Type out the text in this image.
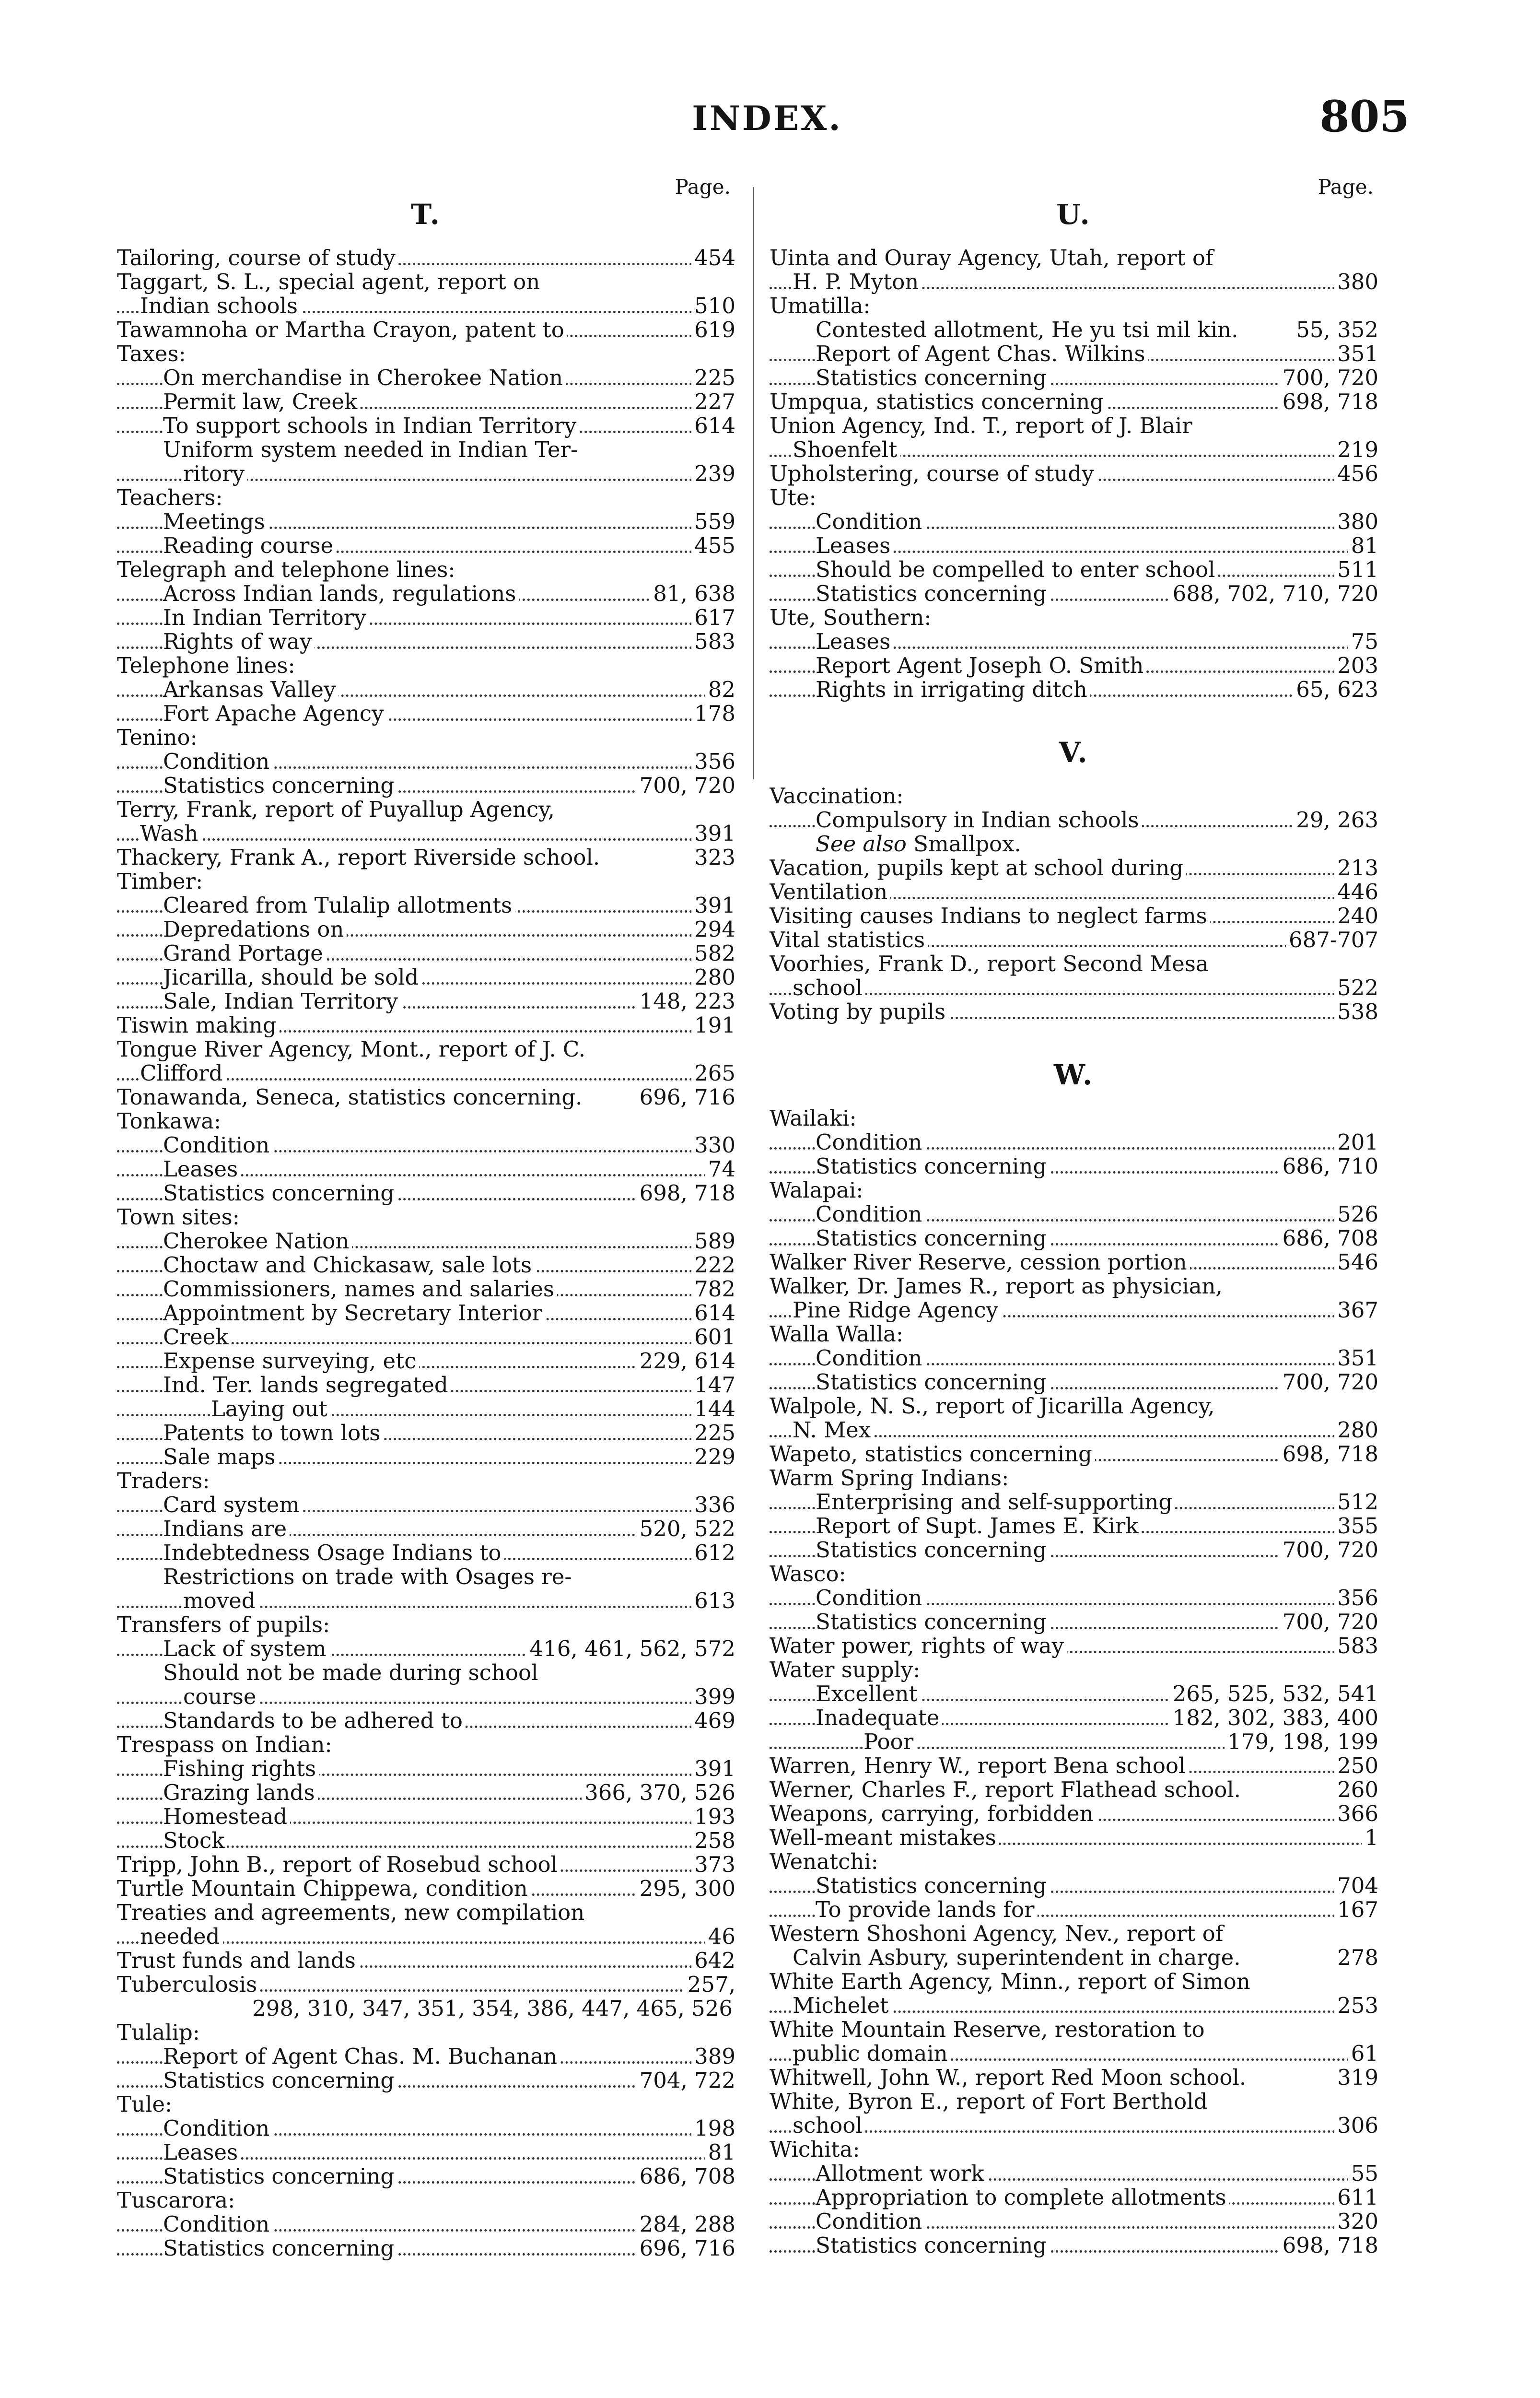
INDEX.	805
Page.
T.
Tailoring, course of study	454
Taggart, S. L., special agent, report on
Indian schools	510
Tawamnoha or Martha Crayon, patent to	619
Taxes:
On merchandise in Cherokee Nation	225
Permit law, Creek	227
To support schools in Indian Territory	614
Uniform system needed in Indian Ter-
ritory	239
Teachers:
Meetings	559
Reading course	455
Telegraph and telephone lines:
Across Indian lands, regulations	81, 638
In Indian Territory	617
Rights of way	583
Telephone lines:
Arkansas Valley	82
Fort Apache Agency	178
Tenino:
Condition	356
Statistics concerning	700, 720
Terry, Frank, report of Puyallup Agency,
Wash	391
Thackery, Frank A., report Riverside school.	323
Timber:
Cleared from Tulalip allotments	391
Depredations on	294
Grand Portage	582
Jicarilla, should be sold	280
Sale, Indian Territory	148, 223
Tiswin making	191
Tongue River Agency, Mont., report of J. C.
Clifford	265
Tonawanda, Seneca, statistics concerning.	696, 716
Tonkawa:
Condition	330
Leases	74
Statistics concerning	698, 718
Town sites:
Cherokee Nation	589
Choctaw and Chickasaw, sale lots	222
Commissioners, names and salaries	782
Appointment by Secretary Interior	614
Creek	601
Expense surveying, etc	229, 614
Ind. Ter. lands segregated	147
Laying out	144
Patents to town lots	225
Sale maps	229
Traders:
Card system	336
Indians are	520, 522
Indebtedness Osage Indians to	612
Restrictions on trade with Osages re-
moved	613
Transfers of pupils:
Lack of system	416, 461, 562, 572
Should not be made during school
course	399
Standards to be adhered to	469
Trespass on Indian:
Fishing rights	391
Grazing lands	366, 370, 526
Homestead	193
Stock	258
Tripp, John B., report of Rosebud school	373
Turtle Mountain Chippewa, condition	295, 300
Treaties and agreements, new compilation
needed	46
Trust funds and lands	642
Tuberculosis	257,
298, 310, 347, 351, 354, 386, 447, 465, 526
Tulalip:
Report of Agent Chas. M. Buchanan	389
Statistics concerning	704, 722
Tule:
Condition	198
Leases	81
Statistics concerning	686, 708
Tuscarora:
Condition	284, 288
Statistics concerning	696, 716
Page.
U.
Uinta and Ouray Agency, Utah, report of
H. P. Myton	380
Umatilla:
Contested allotment, He yu tsi mil kin.	55, 352
Report of Agent Chas. Wilkins	351
Statistics concerning	700, 720
Umpqua, statistics concerning	698, 718
Union Agency, Ind. T., report of J. Blair
Shoenfelt	219
Upholstering, course of study	456
Ute:
Condition	380
Leases	81
Should be compelled to enter school	511
Statistics concerning	688, 702, 710, 720
Ute, Southern:
Leases	75
Report Agent Joseph O. Smith	203
Rights in irrigating ditch	65, 623
V.
Vaccination:
Compulsory in Indian schools	29, 263
See also Smallpox.
Vacation, pupils kept at school during	213
Ventilation	446
Visiting causes Indians to neglect farms	240
Vital statistics	687-707
Voorhies, Frank D., report Second Mesa
school	522
Voting by pupils	538
W.
Wailaki:
Condition	201
Statistics concerning	686, 710
Walapai:
Condition	526
Statistics concerning	686, 708
Walker River Reserve, cession portion	546
Walker, Dr. James R., report as physician,
Pine Ridge Agency	367
Walla Walla:
Condition	351
Statistics concerning	700, 720
Walpole, N. S., report of Jicarilla Agency,
N. Mex	280
Wapeto, statistics concerning	698, 718
Warm Spring Indians:
Enterprising and self-supporting	512
Report of Supt. James E. Kirk	355
Statistics concerning	700, 720
Wasco:
Condition	356
Statistics concerning	700, 720
Water power, rights of way	583
Water supply:
Excellent	265, 525, 532, 541
Inadequate	182, 302, 383, 400
Poor	179, 198, 199
Warren, Henry W., report Bena school	250
Werner, Charles F., report Flathead school.	260
Weapons, carrying, forbidden	366
Well-meant mistakes	1
Wenatchi:
Statistics concerning	704
To provide lands for	167
Western Shoshoni Agency, Nev., report of
Calvin Asbury, superintendent in charge.	278
White Earth Agency, Minn., report of Simon
Michelet	253
White Mountain Reserve, restoration to
public domain	61
Whitwell, John W., report Red Moon school.	319
White, Byron E., report of Fort Berthold
school	306
Wichita:
Allotment work	55
Appropriation to complete allotments	611
Condition	320
Statistics concerning	698, 718
